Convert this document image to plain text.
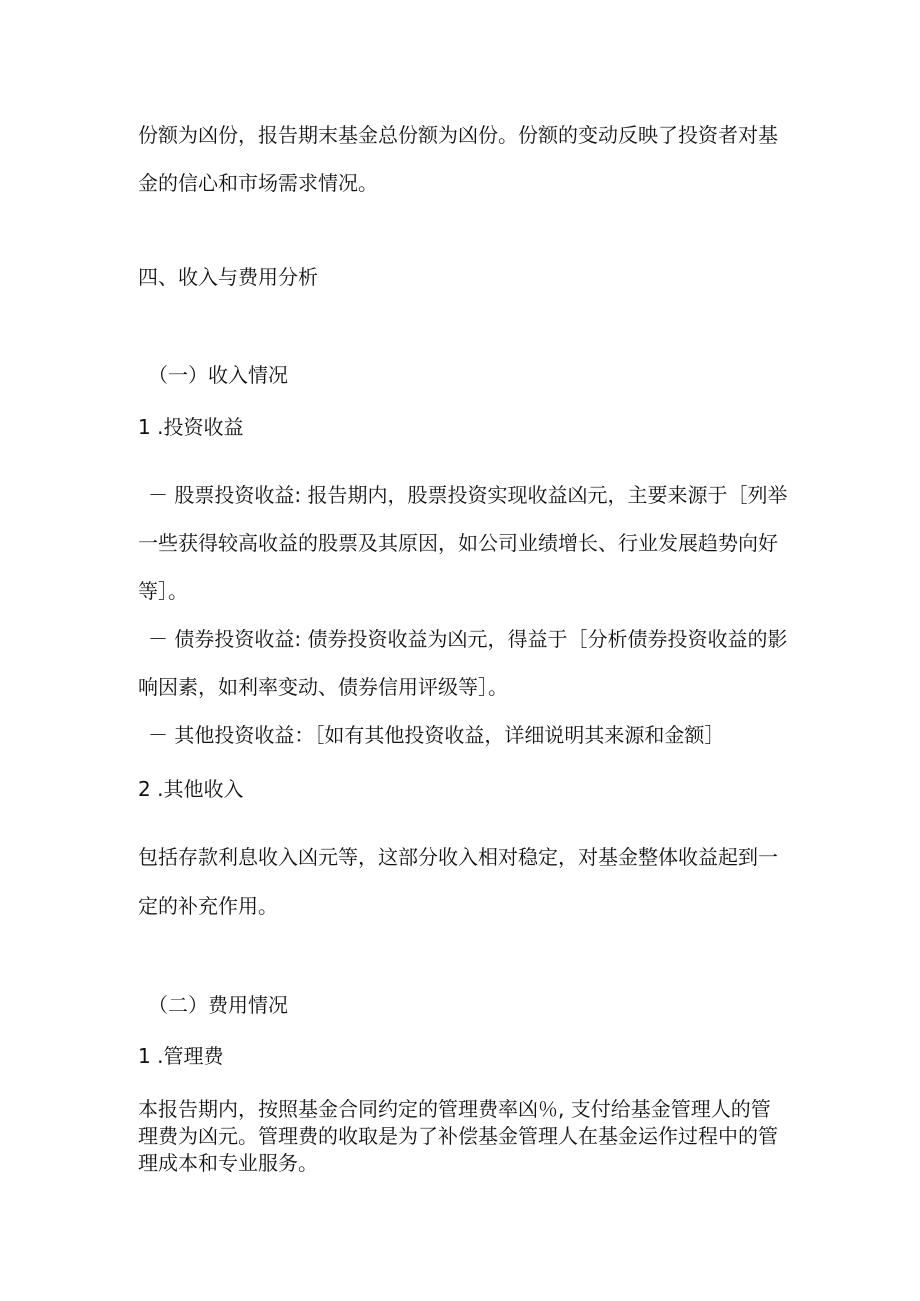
份额为凶份，报告期末基金总份额为凶份。份额的变动反映了投资者对基

金的信心和市场需求情况。

四、收入与费用分析

（一）收入情况

1 .投资收益

－ 股票投资收益: 报告期内，股票投资实现收益凶元，主要来源于［列举

一些获得较高收益的股票及其原因，如公司业绩增长、行业发展趋势向好

等］。

－ 债券投资收益: 债券投资收益为凶元，得益于［分析债券投资收益的影

响因素，如利率变动、债券信用评级等］。

－ 其他投资收益：［如有其他投资收益，详细说明其来源和金额］

2 .其他收入

包括存款利息收入凶元等，这部分收入相对稳定，对基金整体收益起到一

定的补充作用。

（二）费用情况

1 .管理费

本报告期内，按照基金合同约定的管理费率凶％, 支付给基金管理人的管

理费为凶元。管理费的收取是为了补偿基金管理人在基金运作过程中的管

理成本和专业服务。
